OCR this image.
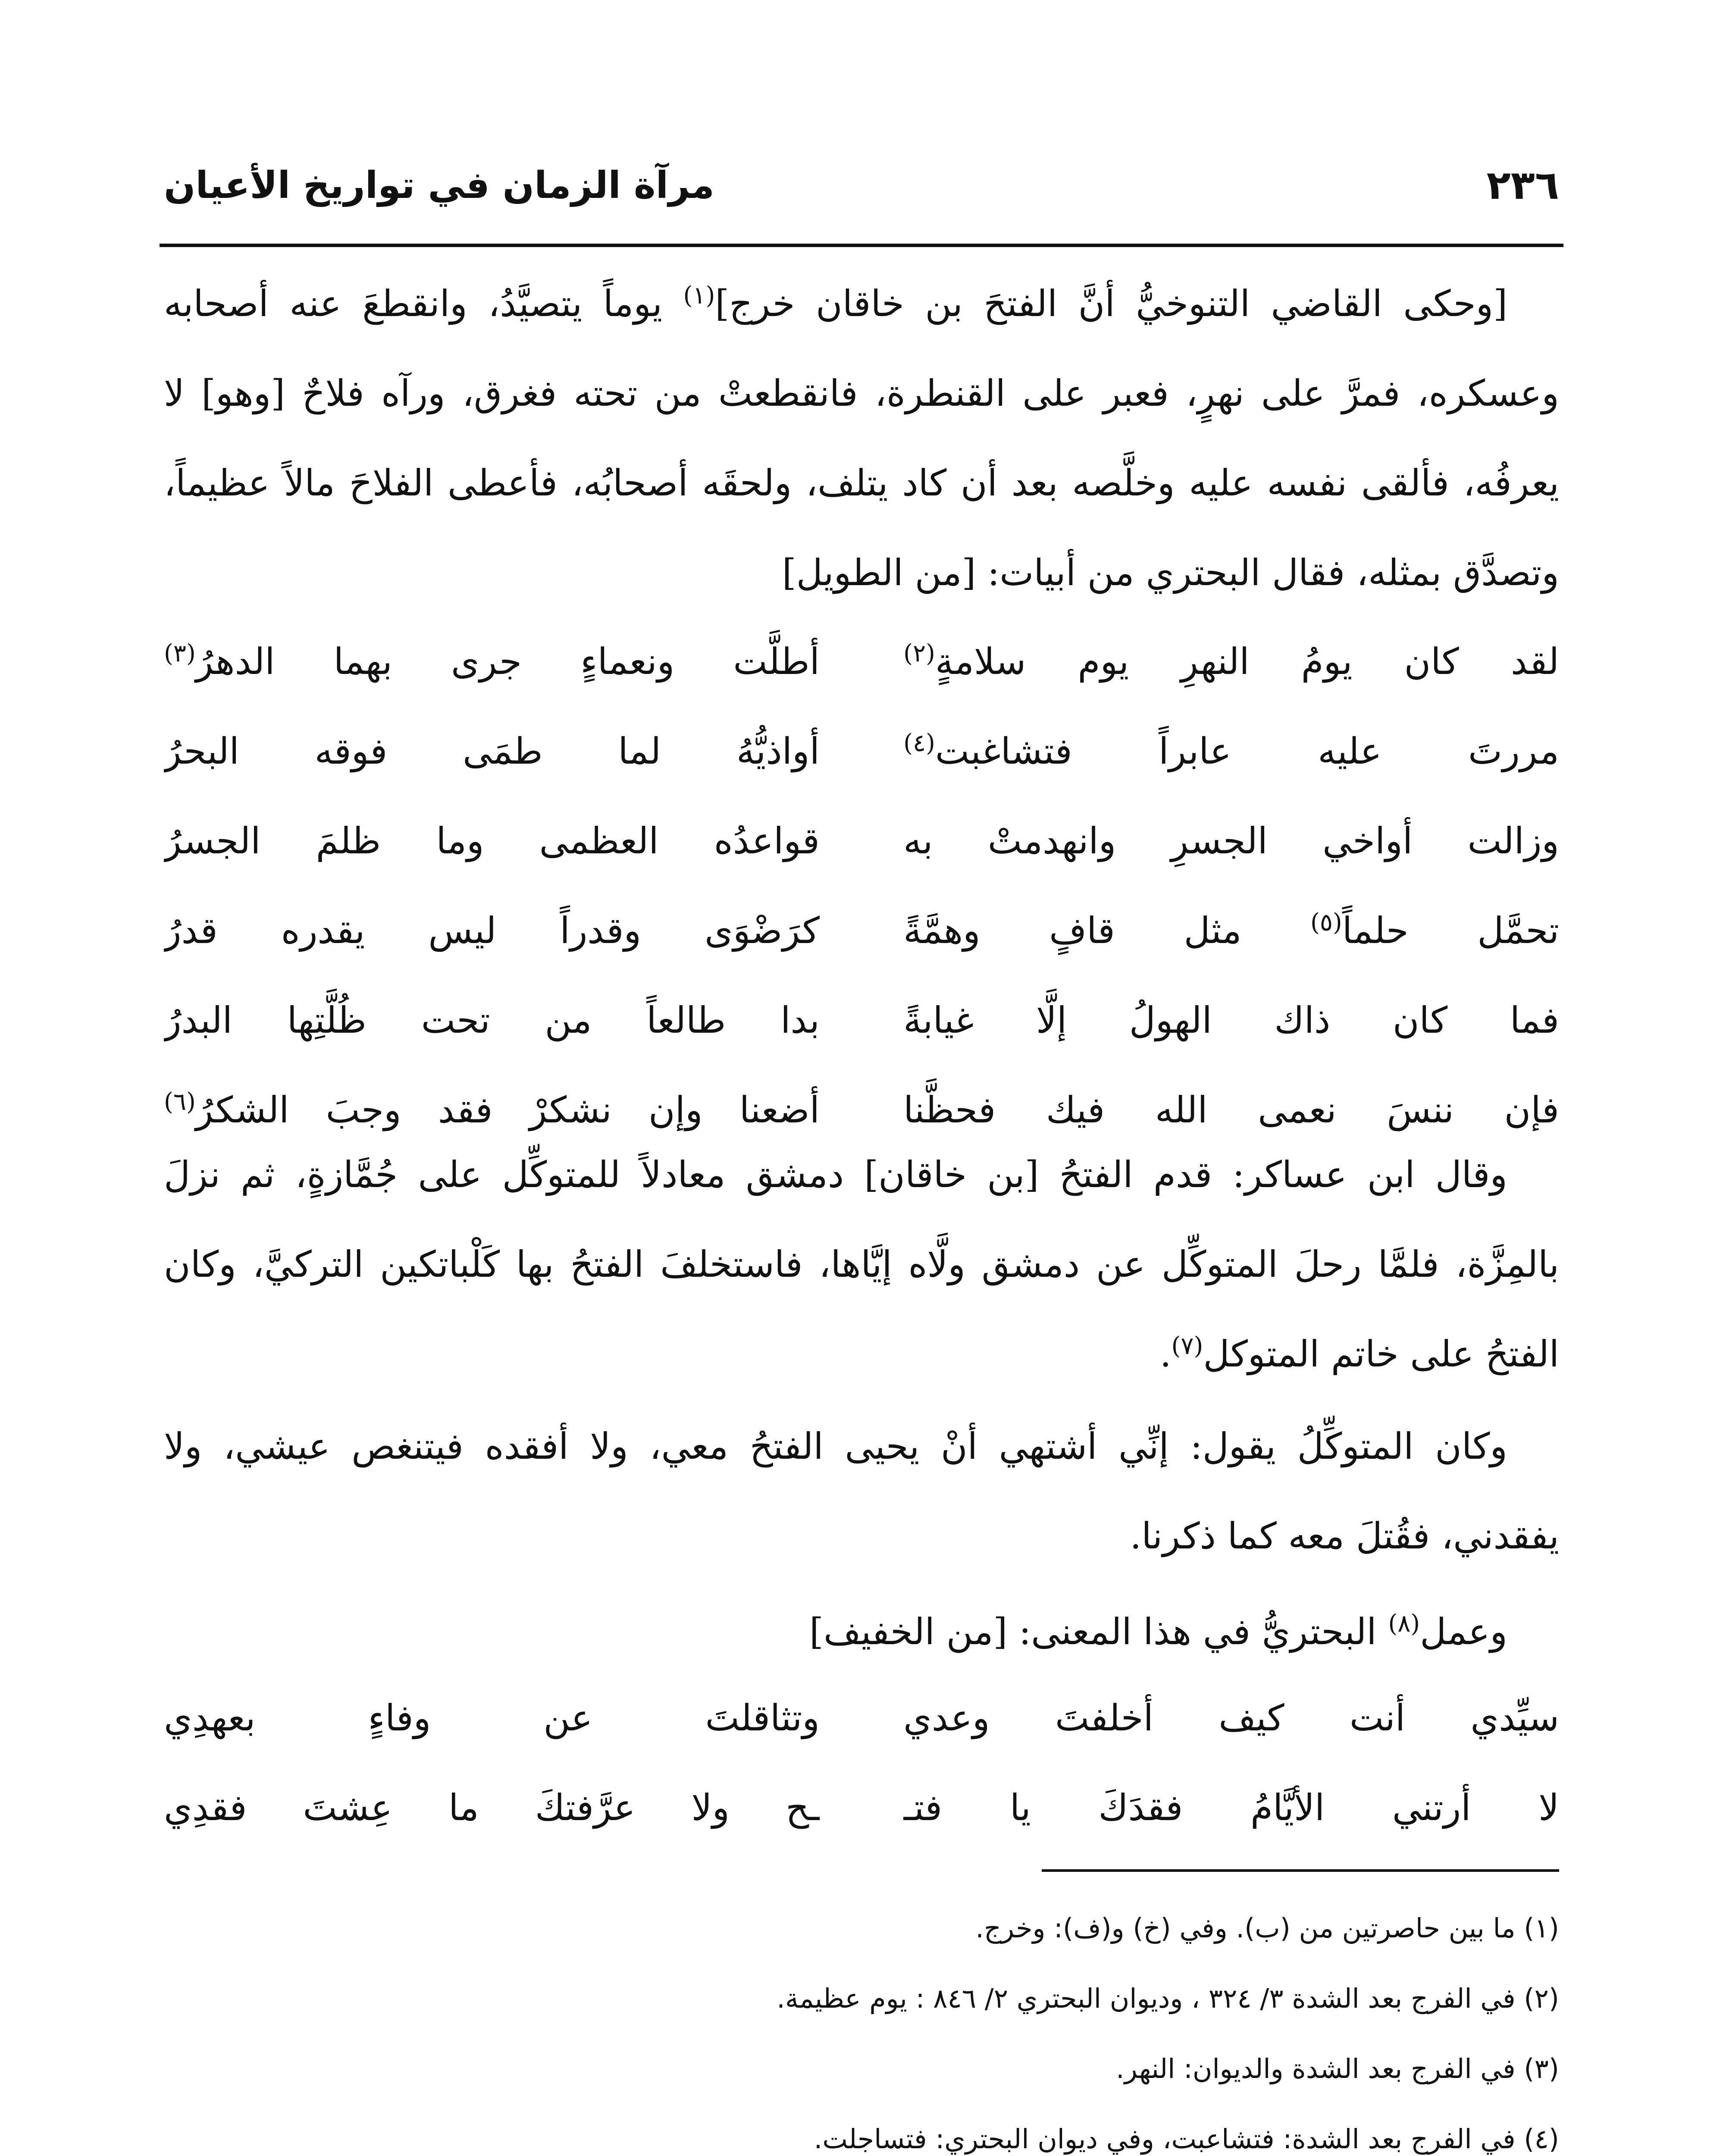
٢٣٦
مرآة الزمان في تواريخ الأعيان
[وحكى القاضي التنوخيُّ أنَّ الفتحَ بن خاقان خرج]$^{(١)}$ يوماً يتصيَّدُ، وانقطعَ عنه أصحابه وعسكره، فمرَّ على نهرٍ، فعبر على القنطرة، فانقطعتْ من تحته فغرق، ورآه فلاحٌ [وهو] لا يعرفُه، فألقى نفسه عليه وخلَّصه بعد أن كاد يتلف، ولحقَه أصحابُه، فأعطى الفلاحَ مالاً عظيماً، وتصدَّق بمثله، فقال البحتري من أبيات: [من الطويل]
لقد كان يومُ النهرِ يوم سلامةٍ$^{(٢)}$
أطلَّت ونعماءٍ جرى بهما الدهرُ$^{(٣)}$
مررتَ عليه عابراً فتشاغبت$^{(٤)}$
أواذيُّهُ لما طمَى فوقه البحرُ
وزالت أواخي الجسرِ وانهدمتْ به
قواعدُه العظمى وما ظلمَ الجسرُ
تحمَّل حلماً$^{(٥)}$ مثل قافٍ وهمَّةً
كرَضْوَى وقدراً ليس يقدره قدرُ
فما كان ذاك الهولُ إلَّا غيابةً
بدا طالعاً من تحت ظُلَّتِها البدرُ
فإن ننسَ نعمى الله فيك فحظَّنا
أضعنا وإن نشكرْ فقد وجبَ الشكرُ$^{(٦)}$
وقال ابن عساكر: قدم الفتحُ [بن خاقان] دمشق معادلاً للمتوكِّل على جُمَّازةٍ، ثم نزلَ بالمِزَّة، فلمَّا رحلَ المتوكِّل عن دمشق ولَّاه إيَّاها، فاستخلفَ الفتحُ بها كَلْباتكين التركيَّ، وكان الفتحُ على خاتم المتوكل$^{(٧)}$.
وكان المتوكِّلُ يقول: إنِّي أشتهي أنْ يحيى الفتحُ معي، ولا أفقده فيتنغص عيشي، ولا يفقدني، فقُتلَ معه كما ذكرنا.
وعمل$^{(٨)}$ البحتريُّ في هذا المعنى: [من الخفيف]
سيِّدي أنت كيف أخلفتَ وعدي
وتثاقلتَ عن وفاءٍ بعهدِي
لا أرتني الأيَّامُ فقدَكَ يا فتـ
ـح ولا عرَّفتكَ ما عِشتَ فقدِي
(١) ما بين حاصرتين من (ب). وفي (خ) و(ف): وخرج.
(٢) في الفرج بعد الشدة ٣/ ٣٢٤ ، وديوان البحتري ٢/ ٨٤٦ : يوم عظيمة.
(٣) في الفرج بعد الشدة والديوان: النهر.
(٤) في الفرج بعد الشدة: فتشاعبت، وفي ديوان البحتري: فتساجلت.
